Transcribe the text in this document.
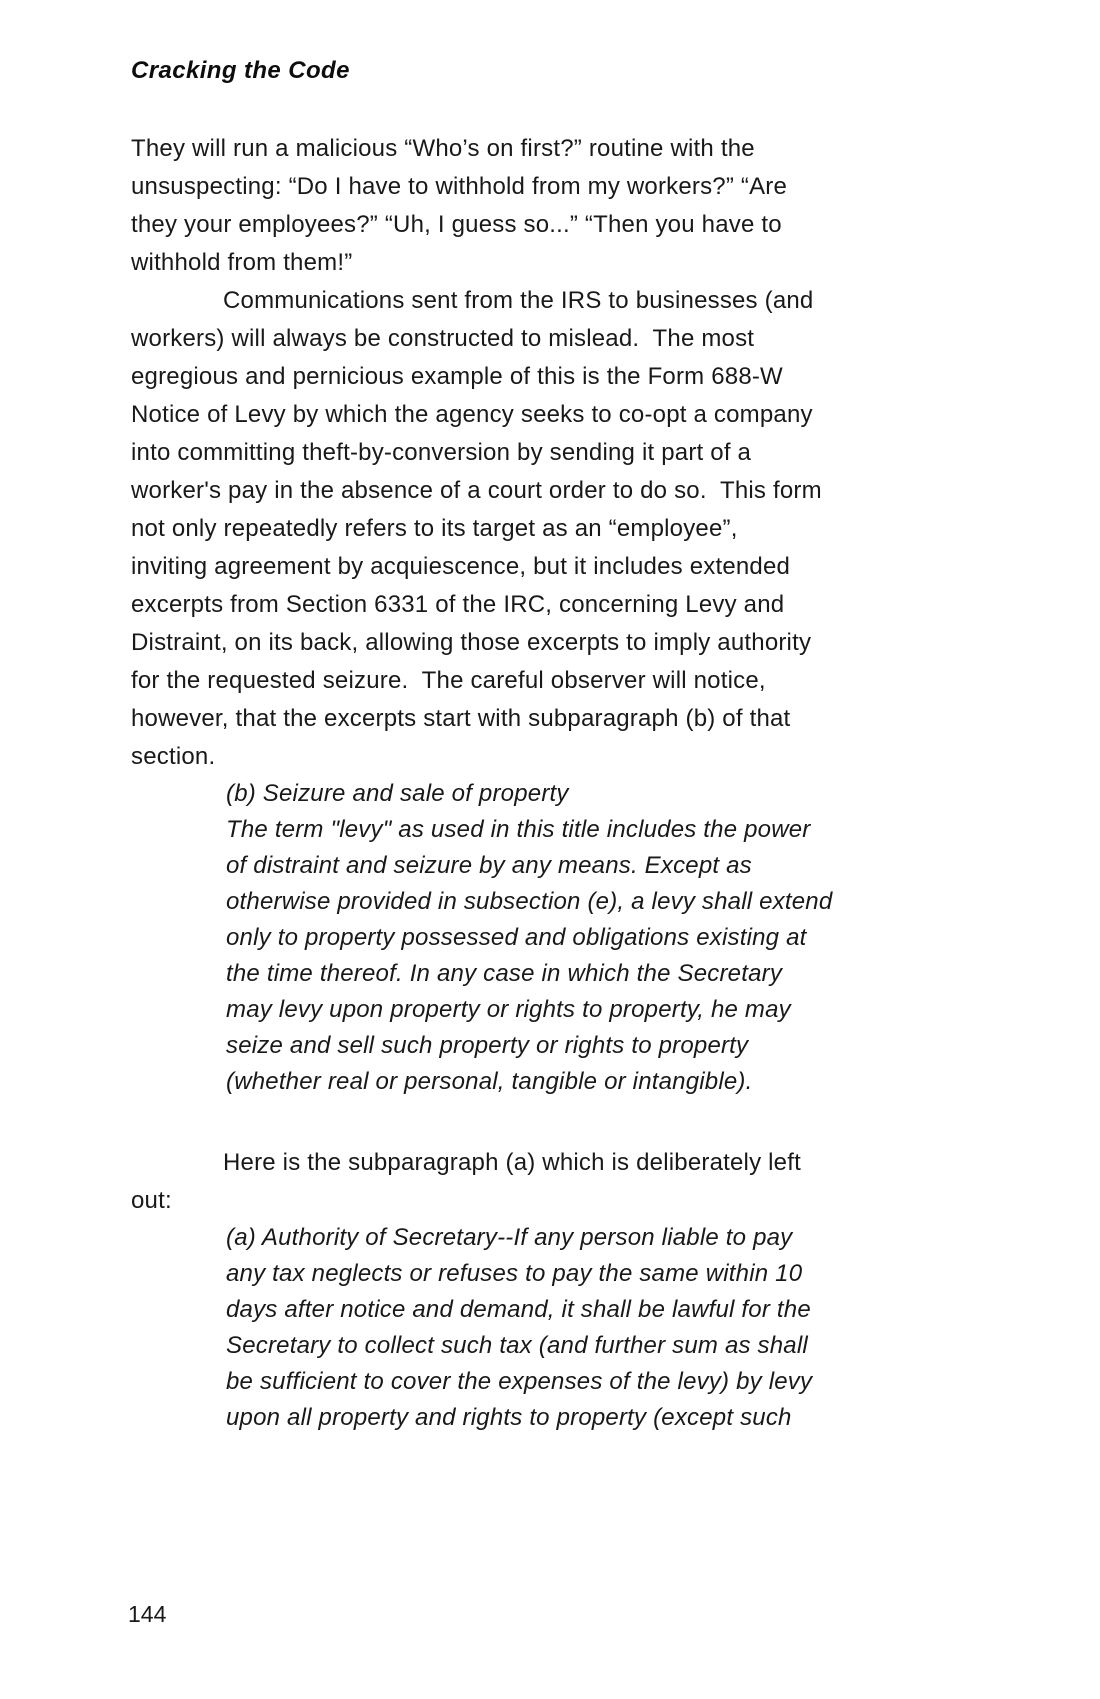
Cracking the Code
They will run a malicious “Who’s on first?” routine with the
unsuspecting: “Do I have to withhold from my workers?” “Are
they your employees?” “Uh, I guess so...” “Then you have to
withhold from them!”
Communications sent from the IRS to businesses (and
workers) will always be constructed to mislead.  The most
egregious and pernicious example of this is the Form 688-W
Notice of Levy by which the agency seeks to co-opt a company
into committing theft-by-conversion by sending it part of a
worker's pay in the absence of a court order to do so.  This form
not only repeatedly refers to its target as an “employee”,
inviting agreement by acquiescence, but it includes extended
excerpts from Section 6331 of the IRC, concerning Levy and
Distraint, on its back, allowing those excerpts to imply authority
for the requested seizure.  The careful observer will notice,
however, that the excerpts start with subparagraph (b) of that
section.
(b) Seizure and sale of property
The term "levy" as used in this title includes the power
of distraint and seizure by any means. Except as
otherwise provided in subsection (e), a levy shall extend
only to property possessed and obligations existing at
the time thereof. In any case in which the Secretary
may levy upon property or rights to property, he may
seize and sell such property or rights to property
(whether real or personal, tangible or intangible).
Here is the subparagraph (a) which is deliberately left
out:
(a) Authority of Secretary--If any person liable to pay
any tax neglects or refuses to pay the same within 10
days after notice and demand, it shall be lawful for the
Secretary to collect such tax (and further sum as shall
be sufficient to cover the expenses of the levy) by levy
upon all property and rights to property (except such
144
